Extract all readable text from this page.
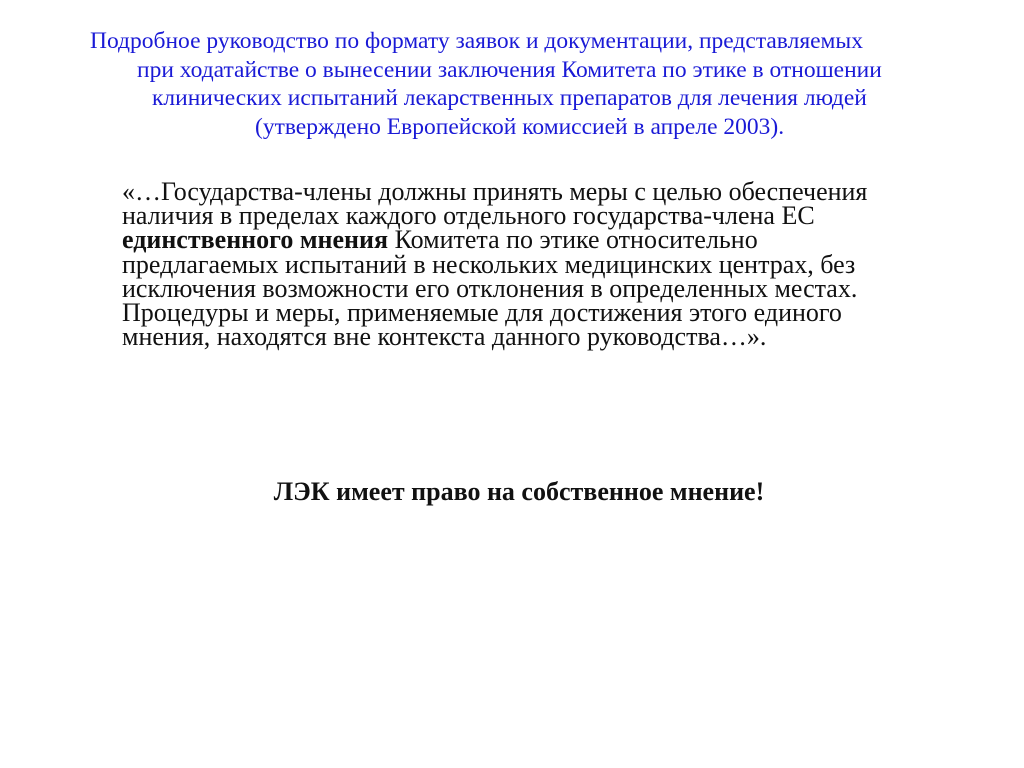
Подробное руководство по формату заявок и документации, представляемых
при ходатайстве о вынесении заключения Комитета по этике в отношении
клинических испытаний лекарственных препаратов для лечения людей
(утверждено Европейской комиссией в апреле 2003).
«…Государства-члены должны принять меры с целью обеспечения
наличия в пределах каждого отдельного государства-члена ЕС
единственного мнения Комитета по этике относительно
предлагаемых испытаний в нескольких медицинских центрах, без
исключения возможности его отклонения в определенных местах.
Процедуры и меры, применяемые для достижения этого единого
мнения, находятся вне контекста данного руководства…».
ЛЭК имеет право на собственное мнение!
